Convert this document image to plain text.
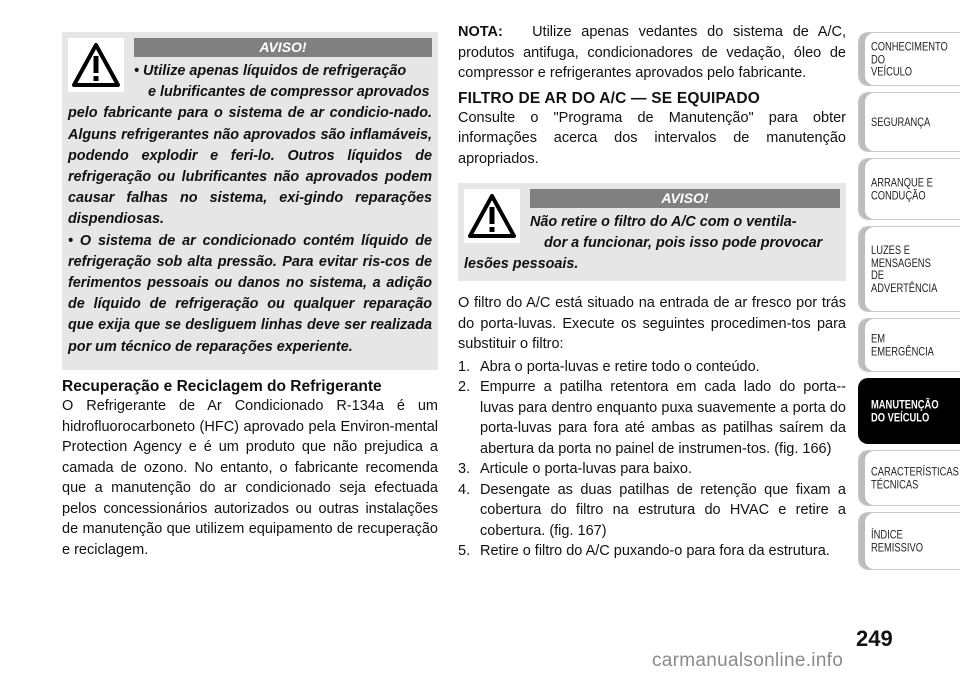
AVISO!

• Utilize apenas líquidos de refrigeração

e lubrificantes de compressor aprovados

pelo fabricante para o sistema de ar condicio-nado. Alguns refrigerantes não aprovados são inflamáveis, podendo explodir e feri-lo. Outros líquidos de refrigeração ou lubrificantes não aprovados podem causar falhas no sistema, exi-gindo reparações dispendiosas.

• O sistema de ar condicionado contém líquido de refrigeração sob alta pressão. Para evitar ris-cos de ferimentos pessoais ou danos no sistema, a adição de líquido de refrigeração ou qualquer reparação que exija que se desliguem linhas deve ser realizada por um técnico de reparações experiente.

Recuperação e Reciclagem do Refrigerante

O Refrigerante de Ar Condicionado R-134a é um hidrofluorocarboneto (HFC) aprovado pela Environ-mental Protection Agency e é um produto que não prejudica a camada de ozono. No entanto, o fabricante recomenda que a manutenção do ar condicionado seja efectuada pelos concessionários autorizados ou outras instalações de manutenção que utilizem equipamento de recuperação e reciclagem.

NOTA: Utilize apenas vedantes do sistema de A/C, produtos antifuga, condicionadores de vedação, óleo de compressor e refrigerantes aprovados pelo fabricante.

FILTRO DE AR DO A/C — SE EQUIPADO

Consulte o "Programa de Manutenção" para obter informações acerca dos intervalos de manutenção apropriados.

AVISO!

Não retire o filtro do A/C com o ventila-

dor a funcionar, pois isso pode provocar

lesões pessoais.

O filtro do A/C está situado na entrada de ar fresco por trás do porta-luvas. Execute os seguintes procedimen-tos para substituir o filtro:

1. Abra o porta-luvas e retire todo o conteúdo.
2. Empurre a patilha retentora em cada lado do porta--luvas para dentro enquanto puxa suavemente a porta do porta-luvas para fora até ambas as patilhas saírem da abertura da porta no painel de instrumen-tos. (fig. 166)
3. Articule o porta-luvas para baixo.
4. Desengate as duas patilhas de retenção que fixam a cobertura do filtro na estrutura do HVAC e retire a cobertura. (fig. 167)
5. Retire o filtro do A/C puxando-o para fora da estrutura.
CONHECIMENTO
DO
VEÍCULO
SEGURANÇA
ARRANQUE E
CONDUÇÃO
LUZES E
MENSAGENS
DE
ADVERTÊNCIA
EM
EMERGÊNCIA
MANUTENÇÃO
DO VEÍCULO
CARACTERÍSTICAS
TÉCNICAS
ÍNDICE
REMISSIVO
249
carmanualsonline.info
